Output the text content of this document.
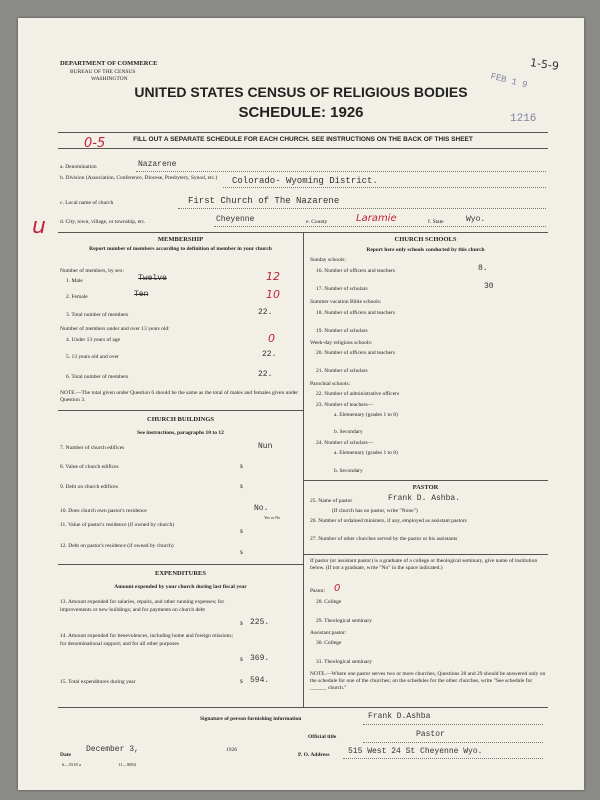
DEPARTMENT OF COMMERCE
BUREAU OF THE CENSUS
WASHINGTON
UNITED STATES CENSUS OF RELIGIOUS BODIES
SCHEDULE: 1926
FEB 1 9
1216
1-5-9
0-5
u
FILL OUT A SEPARATE SCHEDULE FOR EACH CHURCH. SEE INSTRUCTIONS ON THE BACK OF THIS SHEET
a. Denomination	Nazarene
b. Division (Association, Conference, Diocese, Presbytery, Synod, etc.)	Colorado- Wyoming District.
c. Local name of church	First Church of The Nazarene
d. City, town, village, or township, etc.	Cheyenne	e. County	Laramie	f. State	Wyo.
MEMBERSHIP
Report number of members according to definition of member in your church
Number of members, by sex:
1. Male	Twelve	12
2. Female	Ten	10
3. Total number of members	22.
Number of members under and over 13 years old:
4. Under 13 years of age	0
5. 13 years old and over	22.
6. Total number of members	22.
NOTE.—The total given under Question 6 should be the same as the total of males and females given under Question 3.
CHURCH BUILDINGS
See instructions, paragraphs 10 to 12
7. Number of church edifices	Nun
8. Value of church edifices	$
9. Debt on church edifices	$
10. Does church own pastor's residence	No.
Yes or No
11. Value of pastor's residence (if owned by church)
$
12. Debt on pastor's residence (if owned by church)
$
EXPENDITURES
Amount expended by your church during last fiscal year
13. Amount expended for salaries, repairs, and other running expenses; for improvements or new buildings; and for payments on church debt
$ 225.
14. Amount expended for benevolences, including home and foreign missions; for denominational support; and for all other purposes
$ 369.
15. Total expenditures during year	$ 594.
CHURCH SCHOOLS
Report here only schools conducted by this church
Sunday schools:
16. Number of officers and teachers	8.
17. Number of scholars	30
Summer vacation Bible schools:
18. Number of officers and teachers
19. Number of scholars
Week-day religious schools:
20. Number of officers and teachers
21. Number of scholars
Parochial schools:
22. Number of administrative officers
23. Number of teachers—
a. Elementary (grades 1 to 8)
b. Secondary
24. Number of scholars—
a. Elementary (grades 1 to 8)
b. Secondary
PASTOR
25. Name of pastor	Frank D. Ashba.
(If church has no pastor, write "None")
26. Number of ordained ministers, if any, employed as assistant pastors
27. Number of other churches served by the pastor or his assistants
If pastor (or assistant pastor) is a graduate of a college or theological seminary, give name of institution below. (If not a graduate, write "No" in the space indicated.)
Pastor: 0
28. College
29. Theological seminary
Assistant pastor:
30. College
31. Theological seminary
NOTE.—Where one pastor serves two or more churches, Questions 28 and 29 should be answered only on the schedule for one of the churches; on the schedules for the other churches, write "See schedule for ______ church."
Signature of person furnishing information	Frank D.Ashba
Official title	Pastor
Date
December 3,	1926
P. O. Address 515 West 24 St Cheyenne Wyo.
6—5518 a	11—9084
